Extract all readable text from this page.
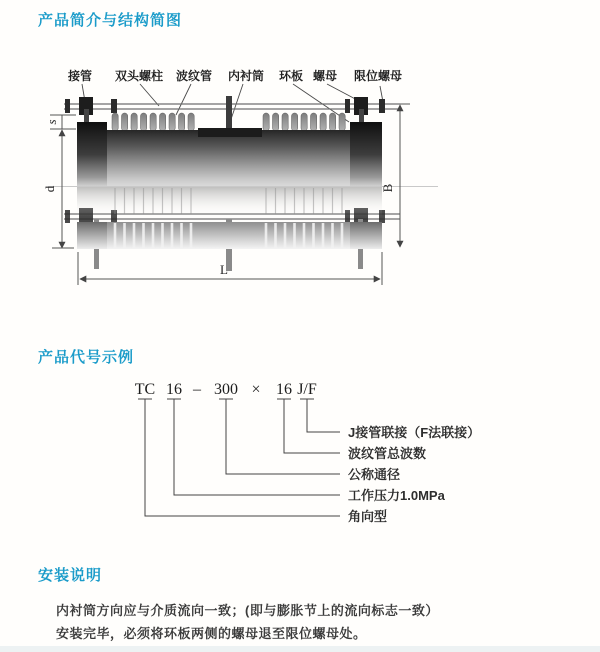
产品简介与结构简图
接管 双头螺柱 波纹管 内衬筒 环板 螺母 限位螺母
s
d	B
L
产品代号示例
TC 16 – 300 × 16 J/F
J接管联接（F法联接）
波纹管总波数
公称通径
工作压力1.0MPa
角向型
安装说明

内衬筒方向应与介质流向一致；(即与膨胀节上的流向标志一致）

安装完毕，必须将环板两侧的螺母退至限位螺母处。
